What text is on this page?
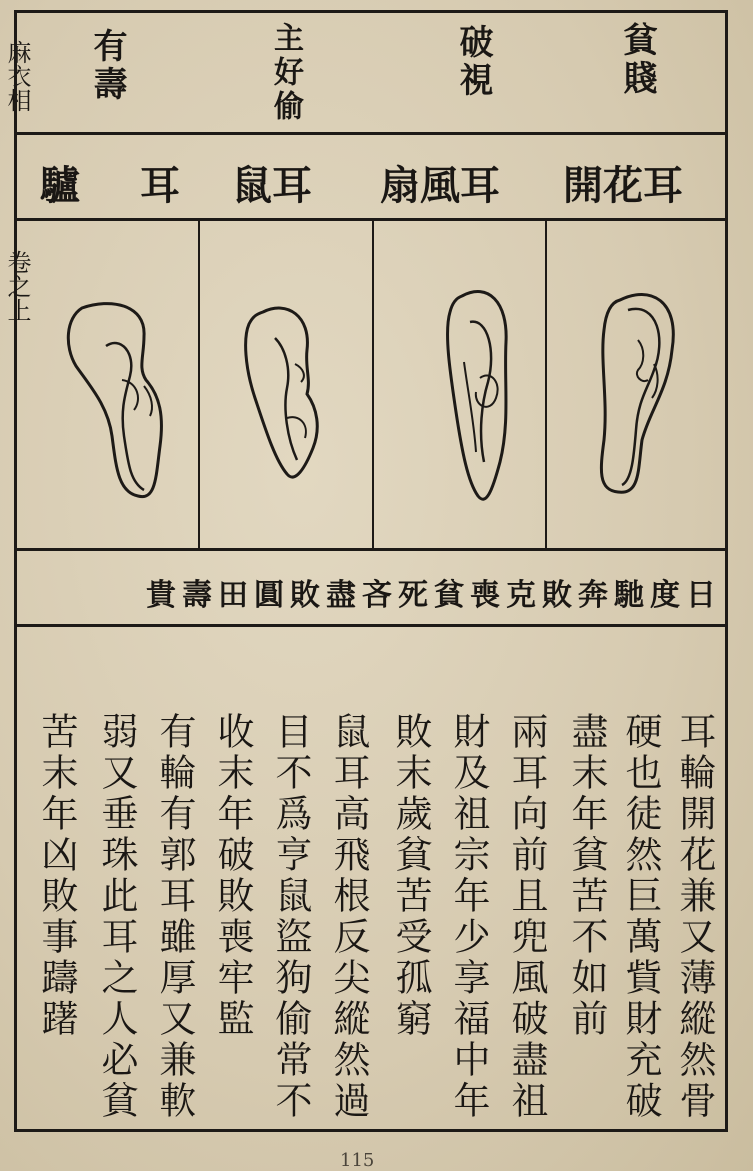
麻衣相
卷之上
貧賤
破視
主好偷
有壽
開花耳
扇風耳
鼠耳
驢耳
貴壽田圓敗盡吝死貧喪克敗奔馳度日
耳輪開花兼又薄縱然骨
硬也徒然巨萬貲財充破
盡末年貧苦不如前
兩耳向前且兜風破盡祖
財及祖宗年少享福中年
敗末歲貧苦受孤窮
鼠耳高飛根反尖縱然過
目不爲亨鼠盜狗偷常不
收末年破敗喪牢監
有輪有郭耳雖厚又兼軟
弱又垂珠此耳之人必貧
苦末年凶敗事躊躇
115
